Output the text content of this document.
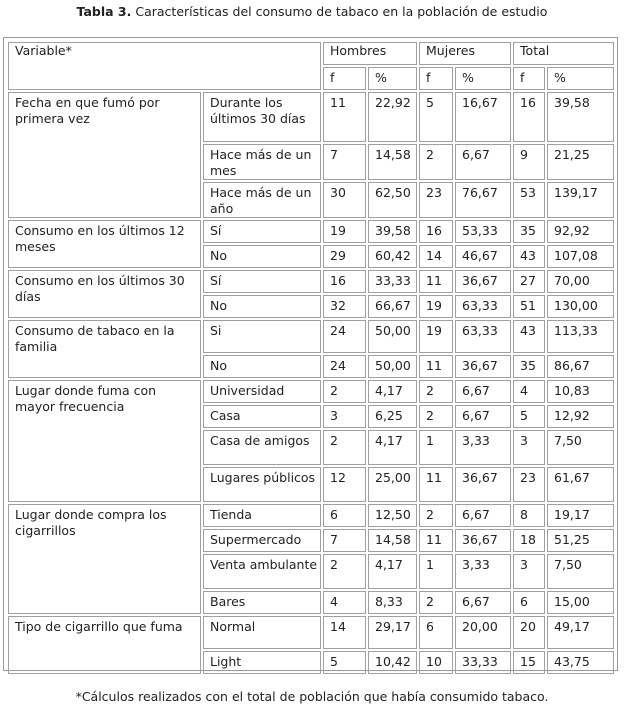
Tabla 3. Características del consumo de tabaco en la población de estudio
Variable*		Hombres		Mujeres		Total	
		f	%	f	%	f	%
Fecha en que fumó por primera vez	Durante los últimos 30 días	11	22,92	5	16,67	16	39,58
	Hace más de un mes	7	14,58	2	6,67	9	21,25
	Hace más de un año	30	62,50	23	76,67	53	139,17
Consumo en los últimos 12 meses	Sí	19	39,58	16	53,33	35	92,92
	No	29	60,42	14	46,67	43	107,08
Consumo en los últimos 30 días	Sí	16	33,33	11	36,67	27	70,00
	No	32	66,67	19	63,33	51	130,00
Consumo de tabaco en la familia	Si	24	50,00	19	63,33	43	113,33
	No	24	50,00	11	36,67	35	86,67
Lugar donde fuma con mayor frecuencia	Universidad	2	4,17	2	6,67	4	10,83
	Casa	3	6,25	2	6,67	5	12,92
	Casa de amigos	2	4,17	1	3,33	3	7,50
	Lugares públicos	12	25,00	11	36,67	23	61,67
Lugar donde compra los cigarrillos	Tienda	6	12,50	2	6,67	8	19,17
	Supermercado	7	14,58	11	36,67	18	51,25
	Venta ambulante	2	4,17	1	3,33	3	7,50
	Bares	4	8,33	2	6,67	6	15,00
Tipo de cigarrillo que fuma	Normal	14	29,17	6	20,00	20	49,17
	Light	5	10,42	10	33,33	15	43,75
*Cálculos realizados con el total de población que había consumido tabaco.
